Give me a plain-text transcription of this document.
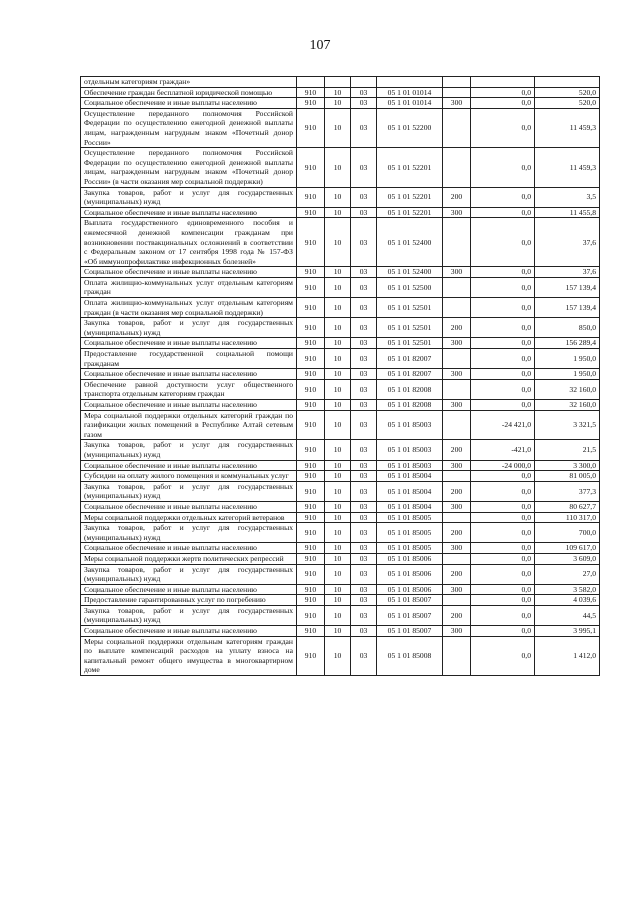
107
отдельным категориям граждан»							
Обеспечение граждан бесплатной юридической помощью	910	10	03	05 1 01 01014		0,0	520,0
Социальное обеспечение и иные выплаты населению	910	10	03	05 1 01 01014	300	0,0	520,0
Осуществление переданного полномочия Российской Федерации по осуществлению ежегодной денежной выплаты лицам, награжденным нагрудным знаком «Почетный донор России»	910	10	03	05 1 01 52200		0,0	11 459,3
Осуществление переданного полномочия Российской Федерации по осуществлению ежегодной денежной выплаты лицам, награжденным нагрудным знаком «Почетный донор России» (в части оказания мер социальной поддержки)	910	10	03	05 1 01 52201		0,0	11 459,3
Закупка товаров, работ и услуг для государственных (муниципальных) нужд	910	10	03	05 1 01 52201	200	0,0	3,5
Социальное обеспечение и иные выплаты населению	910	10	03	05 1 01 52201	300	0,0	11 455,8
Выплата государственного единовременного пособия и ежемесячной денежной компенсации гражданам при возникновении поствакцинальных осложнений в соответствии с Федеральным законом от 17 сентября 1998 года № 157-ФЗ «Об иммунопрофилактике инфекционных болезней»	910	10	03	05 1 01 52400		0,0	37,6
Социальное обеспечение и иные выплаты населению	910	10	03	05 1 01 52400	300	0,0	37,6
Оплата жилищно-коммунальных услуг отдельным категориям граждан	910	10	03	05 1 01 52500		0,0	157 139,4
Оплата жилищно-коммунальных услуг отдельным категориям граждан (в части оказания мер социальной поддержки)	910	10	03	05 1 01 52501		0,0	157 139,4
Закупка товаров, работ и услуг для государственных (муниципальных) нужд	910	10	03	05 1 01 52501	200	0,0	850,0
Социальное обеспечение и иные выплаты населению	910	10	03	05 1 01 52501	300	0,0	156 289,4
Предоставление государственной социальной помощи гражданам	910	10	03	05 1 01 82007		0,0	1 950,0
Социальное обеспечение и иные выплаты населению	910	10	03	05 1 01 82007	300	0,0	1 950,0
Обеспечение равной доступности услуг общественного транспорта отдельным категориям граждан	910	10	03	05 1 01 82008		0,0	32 160,0
Социальное обеспечение и иные выплаты населению	910	10	03	05 1 01 82008	300	0,0	32 160,0
Мера социальной поддержки отдельных категорий граждан по газификации жилых помещений в Республике Алтай сетевым газом	910	10	03	05 1 01 85003		-24 421,0	3 321,5
Закупка товаров, работ и услуг для государственных (муниципальных) нужд	910	10	03	05 1 01 85003	200	-421,0	21,5
Социальное обеспечение и иные выплаты населению	910	10	03	05 1 01 85003	300	-24 000,0	3 300,0
Субсидии на оплату жилого помещения и коммунальных услуг	910	10	03	05 1 01 85004		0,0	81 005,0
Закупка товаров, работ и услуг для государственных (муниципальных) нужд	910	10	03	05 1 01 85004	200	0,0	377,3
Социальное обеспечение и иные выплаты населению	910	10	03	05 1 01 85004	300	0,0	80 627,7
Меры социальной поддержки отдельных категорий ветеранов	910	10	03	05 1 01 85005		0,0	110 317,0
Закупка товаров, работ и услуг для государственных (муниципальных) нужд	910	10	03	05 1 01 85005	200	0,0	700,0
Социальное обеспечение и иные выплаты населению	910	10	03	05 1 01 85005	300	0,0	109 617,0
Меры социальной поддержки жертв политических репрессий	910	10	03	05 1 01 85006		0,0	3 609,0
Закупка товаров, работ и услуг для государственных (муниципальных) нужд	910	10	03	05 1 01 85006	200	0,0	27,0
Социальное обеспечение и иные выплаты населению	910	10	03	05 1 01 85006	300	0,0	3 582,0
Предоставление гарантированных услуг по погребению	910	10	03	05 1 01 85007		0,0	4 039,6
Закупка товаров, работ и услуг для государственных (муниципальных) нужд	910	10	03	05 1 01 85007	200	0,0	44,5
Социальное обеспечение и иные выплаты населению	910	10	03	05 1 01 85007	300	0,0	3 995,1
Меры социальной поддержки отдельным категориям граждан по выплате компенсаций расходов на уплату взноса на капитальный ремонт общего имущества в многоквартирном доме	910	10	03	05 1 01 85008		0,0	1 412,0
